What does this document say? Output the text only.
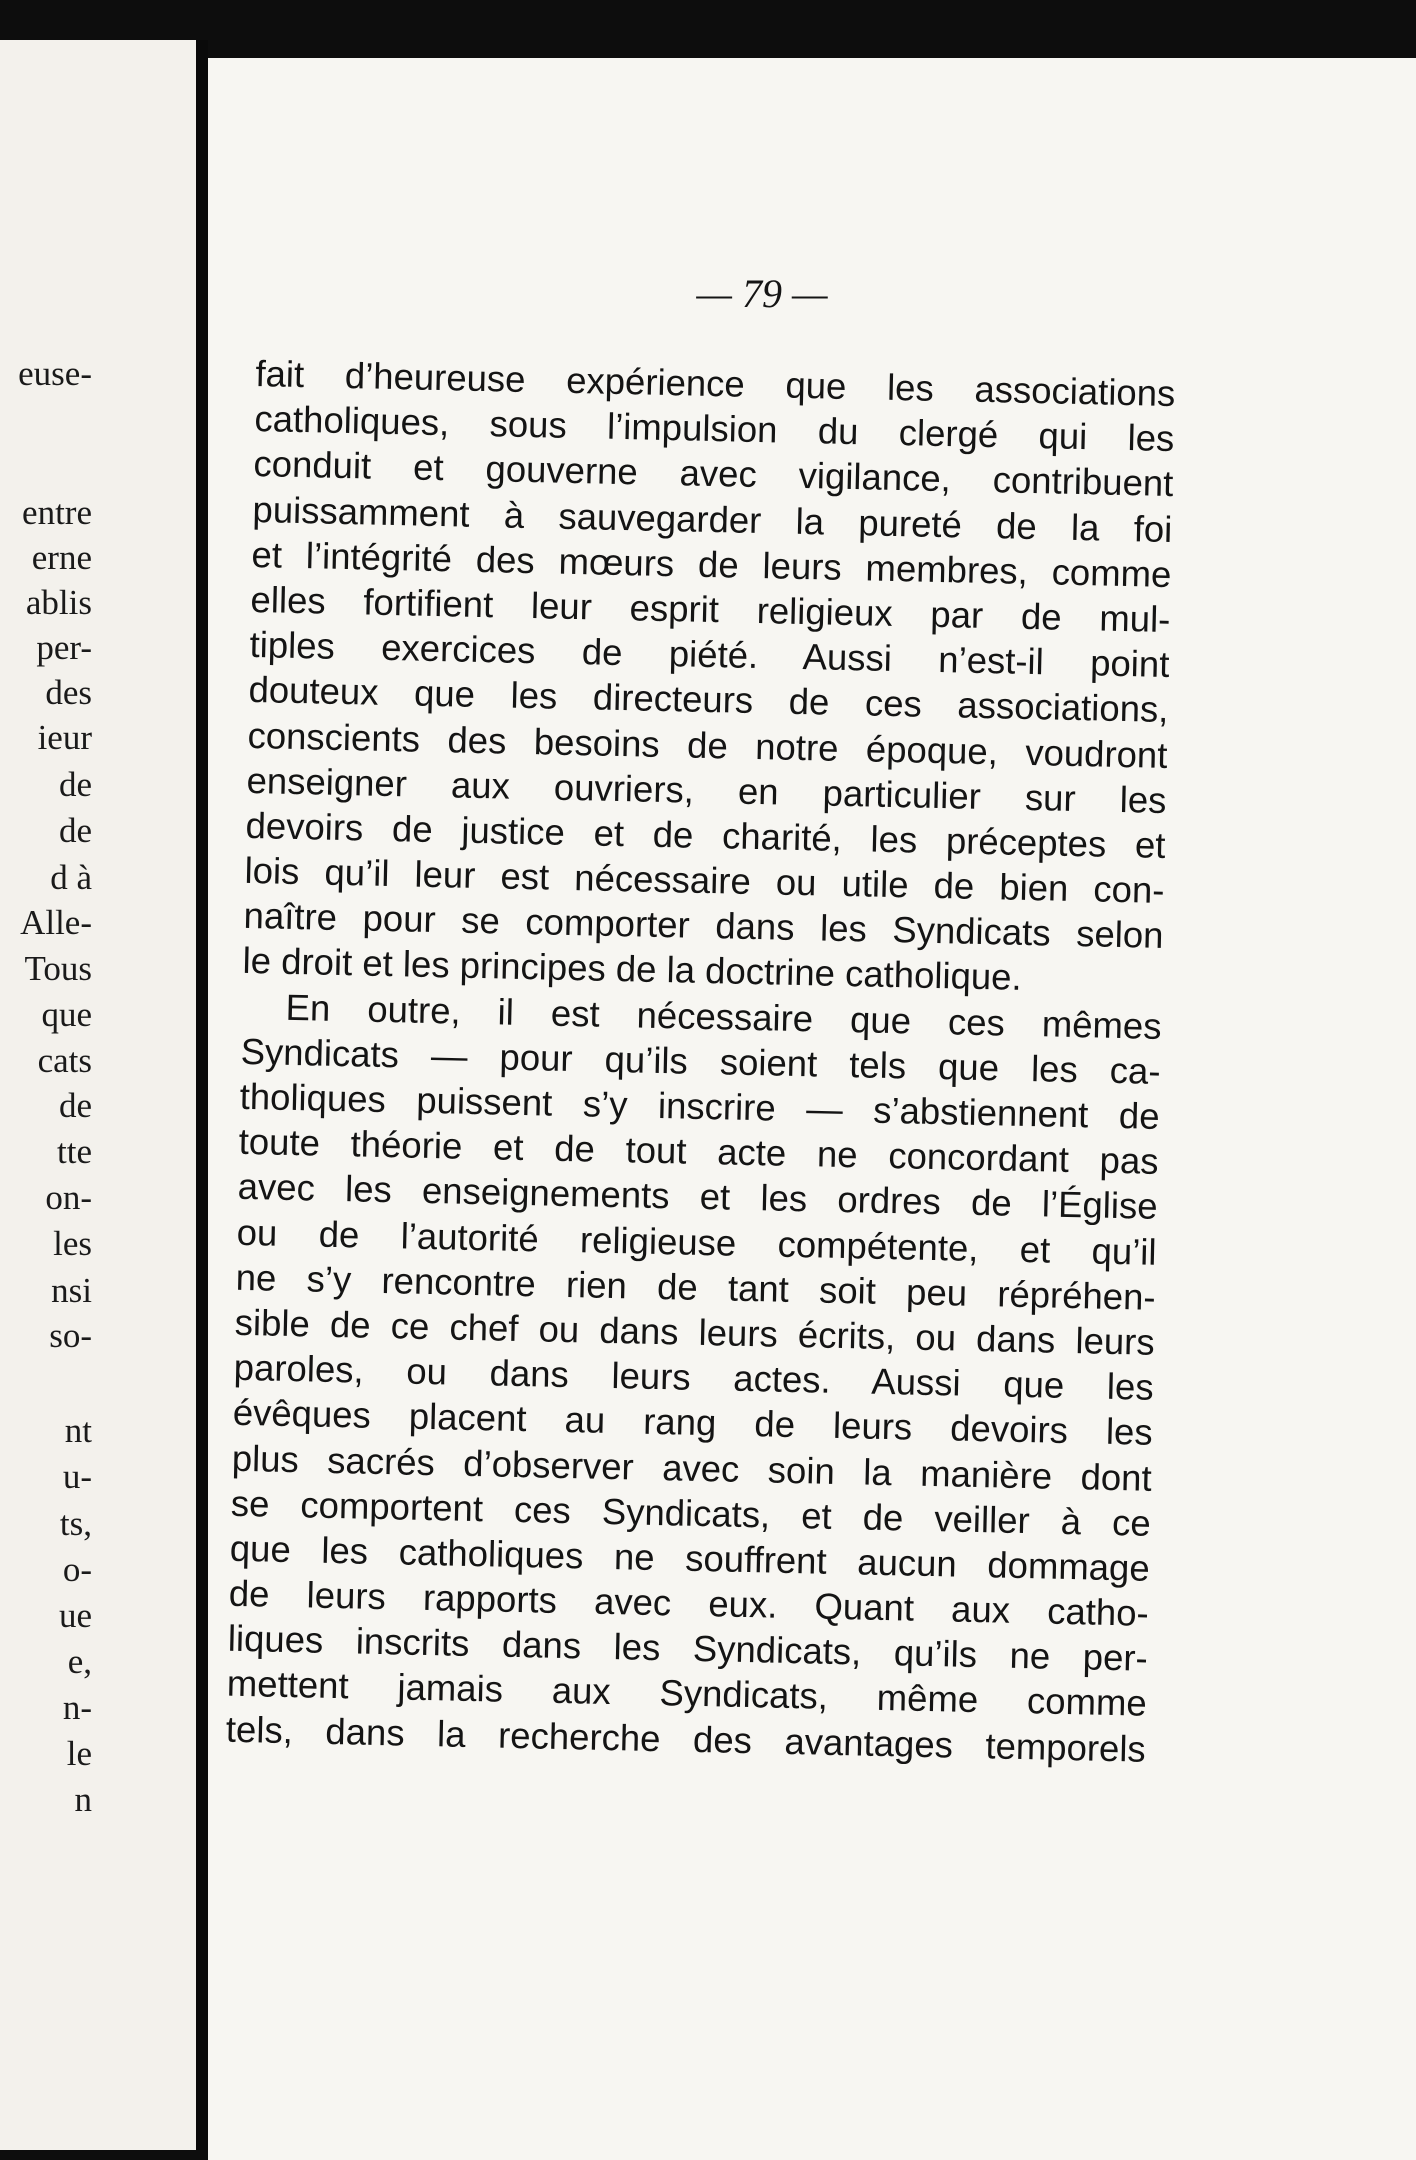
euse-
entre
erne
ablis
per-
des
ieur
de
de
d à
Alle-
Tous
que
cats
de
tte
on-
les
nsi
so-
nt
u-
ts,
o-
ue
e,
n-
le
n
— 79 —
fait d’heureuse expérience que les associations
catholiques, sous l’impulsion du clergé qui les
conduit et gouverne avec vigilance, contribuent
puissamment à sauvegarder la pureté de la foi
et l’intégrité des mœurs de leurs membres, comme
elles fortifient leur esprit religieux par de mul-
tiples exercices de piété. Aussi n’est-il point
douteux que les directeurs de ces associations,
conscients des besoins de notre époque, voudront
enseigner aux ouvriers, en particulier sur les
devoirs de justice et de charité, les préceptes et
lois qu’il leur est nécessaire ou utile de bien con-
naître pour se comporter dans les Syndicats selon
le droit et les principes de la doctrine catholique.
En outre, il est nécessaire que ces mêmes
Syndicats — pour qu’ils soient tels que les ca-
tholiques puissent s’y inscrire — s’abstiennent de
toute théorie et de tout acte ne concordant pas
avec les enseignements et les ordres de l’Église
ou de l’autorité religieuse compétente, et qu’il
ne s’y rencontre rien de tant soit peu répréhen-
sible de ce chef ou dans leurs écrits, ou dans leurs
paroles, ou dans leurs actes. Aussi que les
évêques placent au rang de leurs devoirs les
plus sacrés d’observer avec soin la manière dont
se comportent ces Syndicats, et de veiller à ce
que les catholiques ne souffrent aucun dommage
de leurs rapports avec eux. Quant aux catho-
liques inscrits dans les Syndicats, qu’ils ne per-
mettent jamais aux Syndicats, même comme
tels, dans la recherche des avantages temporels
